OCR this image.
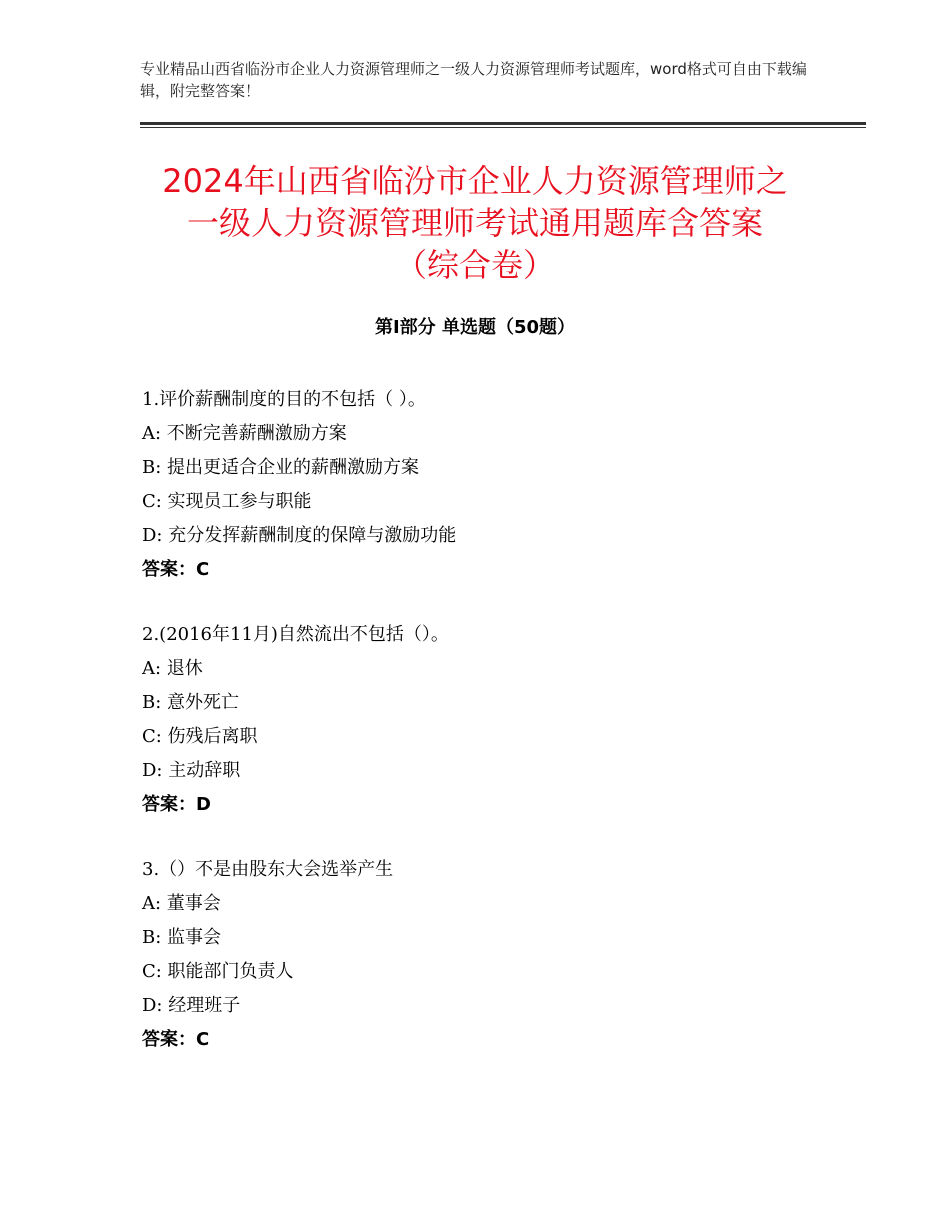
专业精品山西省临汾市企业人力资源管理师之一级人力资源管理师考试题库，word格式可自由下载编辑，附完整答案！
2024年山西省临汾市企业人力资源管理师之
一级人力资源管理师考试通用题库含答案
（综合卷）
第Ⅰ部分 单选题（50题）
1.评价薪酬制度的目的不包括（ ）。
A: 不断完善薪酬激励方案
B: 提出更适合企业的薪酬激励方案
C: 实现员工参与职能
D: 充分发挥薪酬制度的保障与激励功能
答案：C
2.(2016年11月)自然流出不包括（）。
A: 退休
B: 意外死亡
C: 伤残后离职
D: 主动辞职
答案：D
3.（）不是由股东大会选举产生
A: 董事会
B: 监事会
C: 职能部门负责人
D: 经理班子
答案：C
